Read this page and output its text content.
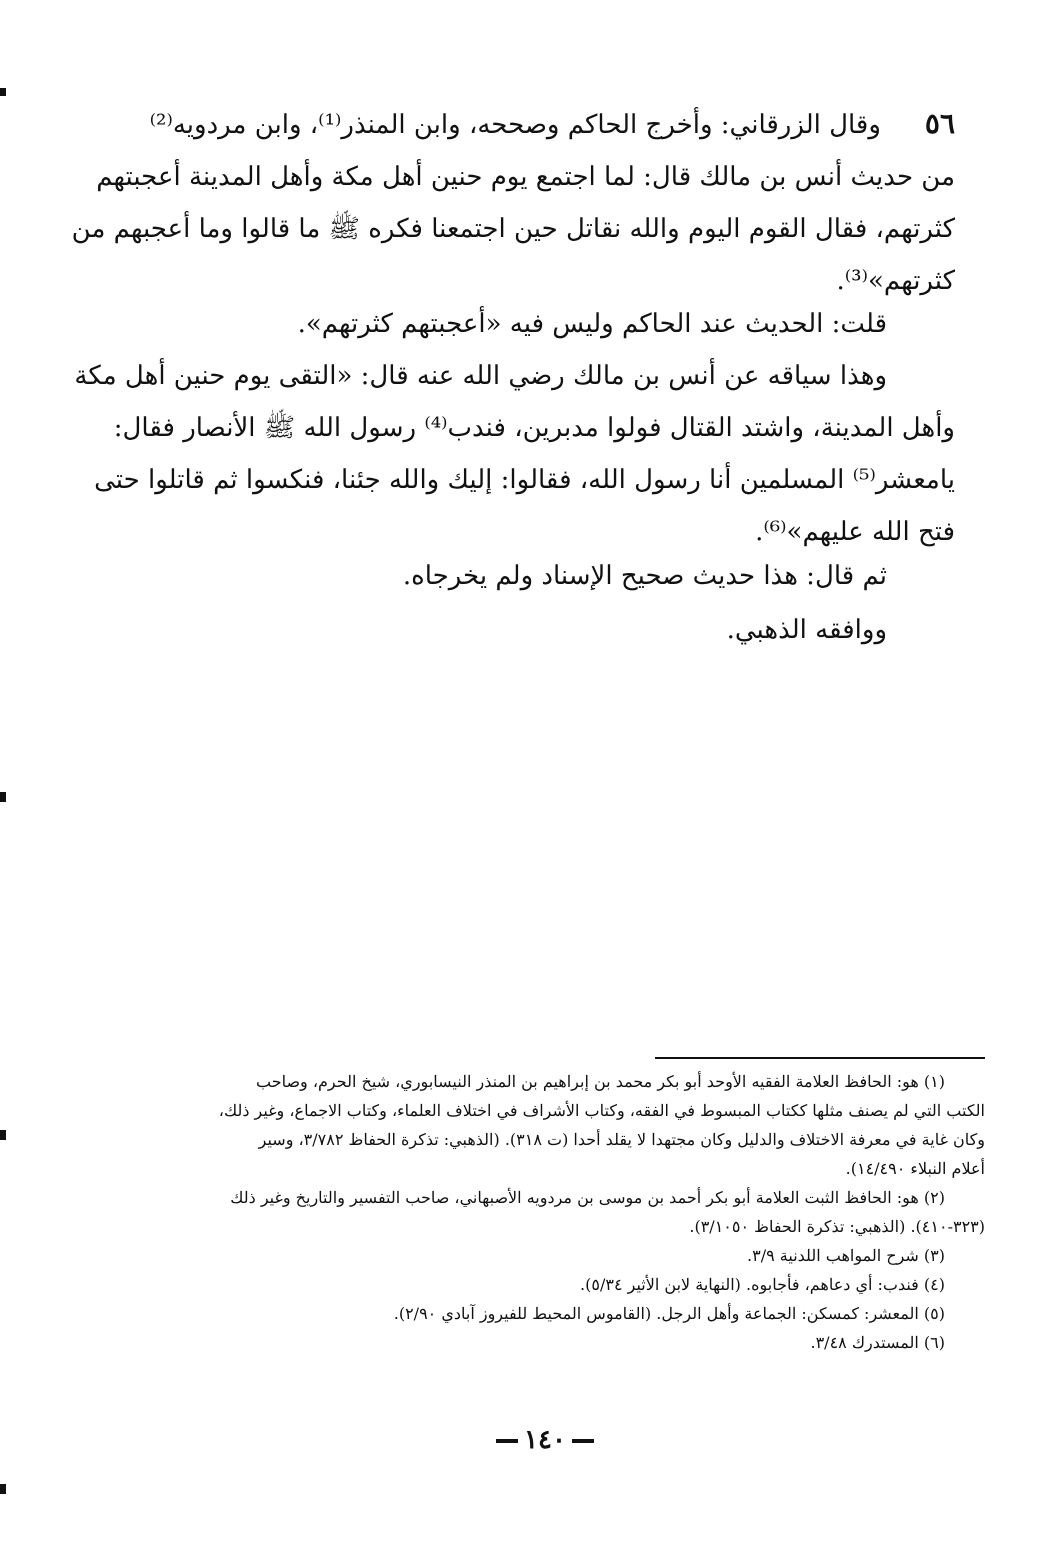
٥٦وقال الزرقاني: وأخرج الحاكم وصححه، وابن المنذر⁽¹⁾، وابن مردويه⁽²⁾
من حديث أنس بن مالك قال: لما اجتمع يوم حنين أهل مكة وأهل المدينة أعجبتهم
كثرتهم، فقال القوم اليوم والله نقاتل حين اجتمعنا فكره ﷺ ما قالوا وما أعجبهم من
كثرتهم»⁽³⁾.
قلت: الحديث عند الحاكم وليس فيه «أعجبتهم كثرتهم».
وهذا سياقه عن أنس بن مالك رضي الله عنه قال: «التقى يوم حنين أهل مكة
وأهل المدينة، واشتد القتال فولوا مدبرين، فندب⁽⁴⁾ رسول الله ﷺ الأنصار فقال:
يامعشر⁽⁵⁾ المسلمين أنا رسول الله، فقالوا: إليك والله جئنا، فنكسوا ثم قاتلوا حتى
فتح الله عليهم»⁽⁶⁾.
ثم قال: هذا حديث صحيح الإسناد ولم يخرجاه.
ووافقه الذهبي.
(١) هو: الحافظ العلامة الفقيه الأوحد أبو بكر محمد بن إبراهيم بن المنذر النيسابوري، شيخ الحرم، وصاحب
الكتب التي لم يصنف مثلها ككتاب المبسوط في الفقه، وكتاب الأشراف في اختلاف العلماء، وكتاب الاجماع، وغير ذلك،
وكان غاية في معرفة الاختلاف والدليل وكان مجتهدا لا يقلد أحدا (ت ٣١٨). (الذهبي: تذكرة الحفاظ ٣/٧٨٢، وسير
أعلام النبلاء ١٤/٤٩٠).
(٢) هو: الحافظ الثبت العلامة أبو بكر أحمد بن موسى بن مردويه الأصبهاني، صاحب التفسير والتاريخ وغير ذلك
(٣٢٣-٤١٠). (الذهبي: تذكرة الحفاظ ٣/١٠٥٠).
(٣) شرح المواهب اللدنية ٣/٩.
(٤) فندب: أي دعاهم، فأجابوه. (النهاية لابن الأثير ٥/٣٤).
(٥) المعشر: كمسكن: الجماعة وأهل الرجل. (القاموس المحيط للفيروز آبادي ٢/٩٠).
(٦) المستدرك ٣/٤٨.
١٤٠
